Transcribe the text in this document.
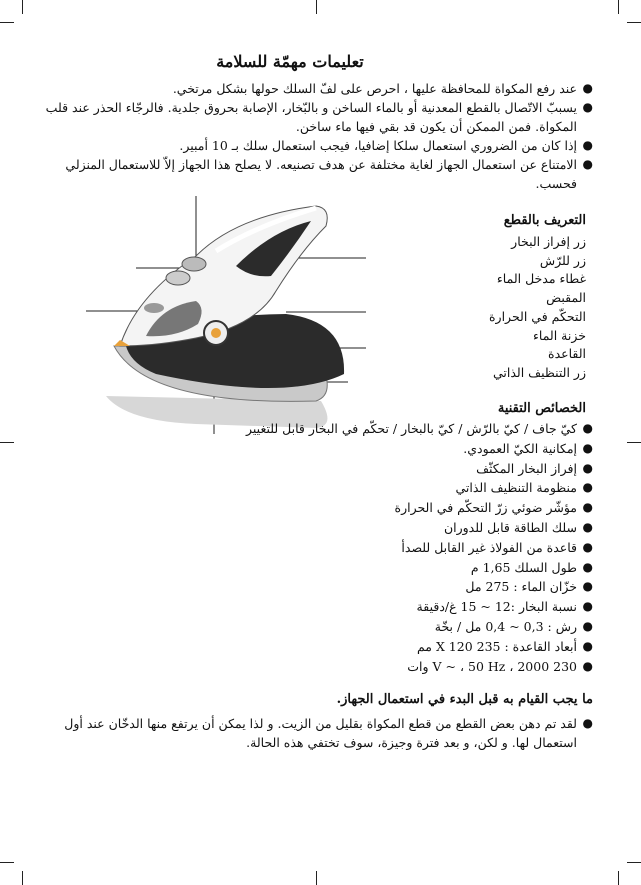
تعليمات مهمّة للسلامة
●
عند رفع المكواة للمحافظة عليها ، احرص على لفّ السلك حولها بشكل مرتخي.
●
يسببّ الاتّصال بالقطع المعدنية أو بالماء الساخن و بالبّخار، الإصابة بحروق جلدية. فالرجّاء الحذر عند قلب المكواة. فمن الممكن أن يكون قد بقي فيها ماء ساخن.
●
إذا كان من الضروري استعمال سلكا إضافيا، فيجب استعمال سلك بـ 10 أمبير.
●
الامتناع عن استعمال الجهاز لغاية مختلفة عن هدف تصنيعه. لا يصلح هذا الجهاز إلاّ للاستعمال المنزلي فحسب.
التعريف بالقطع
زر إفراز البخار
زر للرّش
غطاء مدخل الماء
المقبض
التحكّم في الحرارة
خزنة الماء
القاعدة
زر التنظيف الذاتي
الخصائص التقنية
●
كيّ جاف / كيّ بالرّش / كيّ بالبخار / تحكّم في البخار قابل للتغيير
●
إمكانية الكيّ العمودي.
●
إفراز البخار المكثّف
●
منظومة التنظيف الذاتي
●
مؤشّر ضوئي زرّ التحكّم في الحرارة
●
سلك الطاقة قابل للدوران
●
قاعدة من الفولاذ غير القابل للصدأ
●
طول السلك 1,65 م
●
خزّان الماء : 275 مل
●
نسبة البخار :12 ~ 15 غ/دقيقة
●
رش : 0,3 ~ 0,4 مل / بخّة
●
أبعاد القاعدة : 235 X 120 مم
●
230 V ~ ، 50 Hz ، 2000 وات
ما يجب القيام به قبل البدء في استعمال الجهاز.
●
لقد تم دهن بعض القطع من قطع المكواة بقليل من الزيت. و لذا يمكن أن يرتفع منها الدخّان عند أول استعمال لها. و لكن، و بعد فترة وجيزة، سوف تختفي هذه الحالة.
